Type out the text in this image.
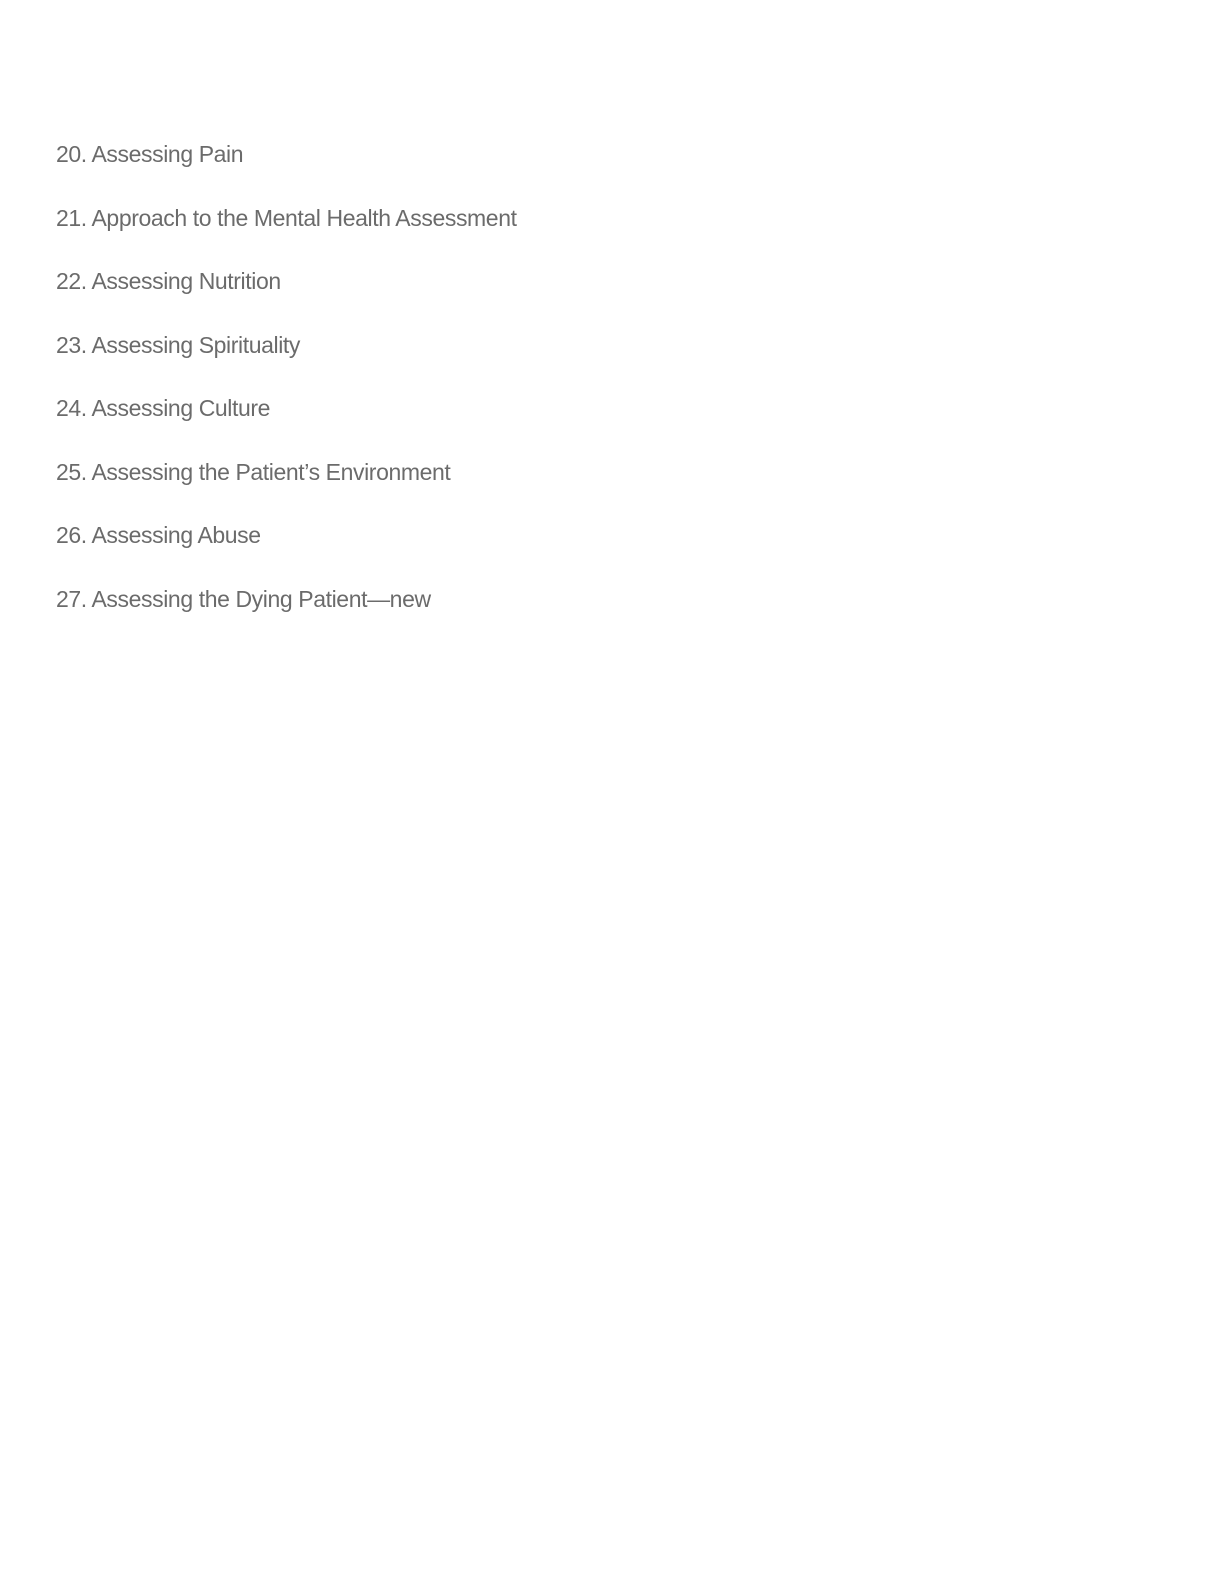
20. Assessing Pain
21. Approach to the Mental Health Assessment
22. Assessing Nutrition
23. Assessing Spirituality
24. Assessing Culture
25. Assessing the Patient’s Environment
26. Assessing Abuse
27. Assessing the Dying Patient—new
